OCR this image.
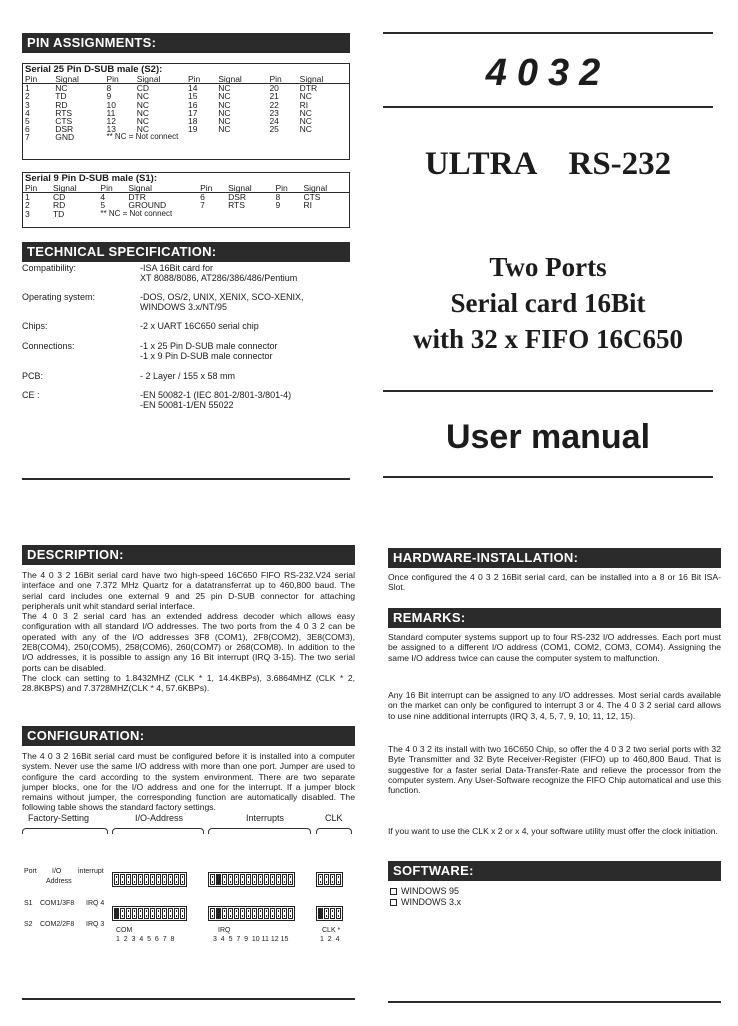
PIN ASSIGNMENTS:
Serial 25 Pin D-SUB male (S2):
Pin	Signal	Pin	Signal	Pin	Signal	Pin	Signal
1	NC	8	CD	14	NC	20	DTR
2	TD	9	NC	15	NC	21	NC
3	RD	10	NC	16	NC	22	RI
4	RTS	11	NC	17	NC	23	NC
5	CTS	12	NC	18	NC	24	NC
6	DSR	13	NC	19	NC	25	NC
7	GND	** NC = Not connect					
Serial 9 Pin D-SUB male (S1):
Pin	Signal	Pin	Signal	Pin	Signal	Pin	Signal
1	CD	4	DTR	6	DSR	8	CTS
2	RD	5	GROUND	7	RTS	9	RI
3	TD	** NC = Not connect					
TECHNICAL SPECIFICATION:
Compatibility:	-ISA 16Bit card for
XT 8088/8086, AT286/386/486/Pentium
Operating system:	-DOS, OS/2, UNIX, XENIX, SCO-XENIX,
WINDOWS 3.x/NT/95
Chips:	-2 x UART 16C650 serial chip
Connections:	-1 x 25 Pin D-SUB male connector
-1 x 9 Pin D-SUB male connector
PCB:	- 2 Layer / 155 x 58 mm
CE :	-EN 50082-1 (IEC 801-2/801-3/801-4)
-EN 50081-1/EN 55022
4032
ULTRA    RS-232
Two Ports
Serial card 16Bit
with 32 x FIFO 16C650
User manual
DESCRIPTION:
The 4 0 3 2 16Bit serial card have two high-speed 16C650 FIFO RS-232.V24 serial interface and one 7.372 MHz Quartz for a datatransferrat up to 460,800 baud. The serial card includes one external 9 and 25 pin D-SUB connector for attaching peripherals unit whit standard serial interface.
The 4 0 3 2 serial card has an extended address decoder which allows easy configuration with all standard I/O addresses. The two ports from the 4 0 3 2 can be operated with any of the I/O addresses 3F8 (COM1), 2F8(COM2), 3E8(COM3), 2E8(COM4), 250(COM5), 258(COM6), 260(COM7) or 268(COM8). In addition to the I/O addresses, it is possible to assign any 16 Bit interrupt (IRQ 3-15). The two serial ports can be disabled.
The clock can setting to 1.8432MHZ (CLK * 1, 14.4KBPs), 3.6864MHZ (CLK * 2, 28.8KBPS) and 7.3728MHZ(CLK * 4, 57.6KBPs).
CONFIGURATION:
The 4 0 3 2 16Bit serial card must be configured before it is installed into a computer system. Never use the same I/O address with more than one port. Jumper are used to configure the card according to the system environment. There are two separate jumper blocks, one for the I/O address and one for the interrupt. If a jumper block remains without jumper, the corresponding function are automatically disabled. The following table shows the standard factory settings.
Factory-Setting	I/O-Address	Interrupts	CLK
Port I/O
Address
interrupt
S1 COM1/3F8 IRQ 4
S2 COM2/2F8 IRQ 3
COM
1  2  3  4  5  6  7  8
IRQ
3  4  5  7  9  10 11 12 15
CLK *
1  2  4
HARDWARE-INSTALLATION:
Once configured the 4 0 3 2 16Bit serial card, can be installed into a 8 or 16 Bit ISA-Slot.
REMARKS:
Standard computer systems support up to four RS-232 I/O addresses. Each port must be assigned to a different I/O address (COM1, COM2, COM3, COM4). Assigning the same I/O address twice can cause the computer system to malfunction.
Any 16 Bit interrupt can be assigned to any I/O addresses. Most serial cards available on the market can only be configured to interrupt 3 or 4. The 4 0 3 2 serial card allows to use nine additional interrupts (IRQ 3, 4, 5, 7, 9, 10, 11, 12, 15).
The 4 0 3 2 its install with two 16C650 Chip, so offer the 4 0 3 2 two serial ports with 32 Byte Transmitter and 32 Byte Receiver-Register (FIFO) up to 460,800 Baud. That is suggestive for a faster serial Data-Transfer-Rate and relieve the processor from the computer system. Any User-Software recognize the FIFO Chip automatical and use this function.
If you want to use the CLK x 2 or x 4, your software utility must offer the clock initiation.
SOFTWARE:
WINDOWS 95
WINDOWS 3.x
